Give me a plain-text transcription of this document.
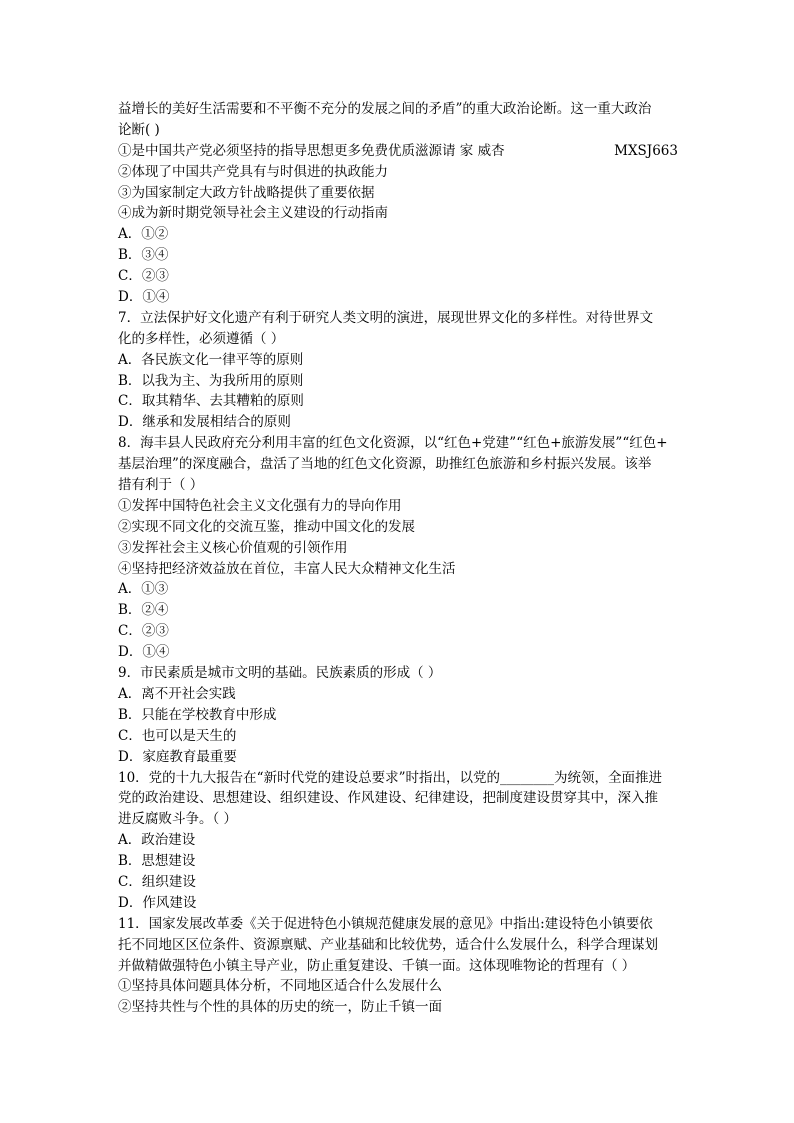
益增长的美好生活需要和不平衡不充分的发展之间的矛盾”的重大政治论断。这一重大政治
论断( )
①是中国共产党必须坚持的指导思想更多免费优质滋源请 家 威杏	MXSJ663
②体现了中国共产党具有与时俱进的执政能力
③为国家制定大政方针战略提供了重要依据
④成为新时期党领导社会主义建设的行动指南
A．①②
B．③④
C．②③
D．①④
7．立法保护好文化遗产有利于研究人类文明的演进，展现世界文化的多样性。对待世界文
化的多样性，必须遵循（ ）
A．各民族文化一律平等的原则
B．以我为主、为我所用的原则
C．取其精华、去其糟粕的原则
D．继承和发展相结合的原则
8．海丰县人民政府充分利用丰富的红色文化资源，以“红色+党建”“红色+旅游发展”“红色+
基层治理”的深度融合，盘活了当地的红色文化资源，助推红色旅游和乡村振兴发展。该举
措有利于（ ）
①发挥中国特色社会主义文化强有力的导向作用
②实现不同文化的交流互鉴，推动中国文化的发展
③发挥社会主义核心价值观的引领作用
④坚持把经济效益放在首位，丰富人民大众精神文化生活
A．①③
B．②④
C．②③
D．①④
9．市民素质是城市文明的基础。民族素质的形成（ ）
A．离不开社会实践
B．只能在学校教育中形成
C．也可以是天生的
D．家庭教育最重要
10．党的十九大报告在“新时代党的建设总要求”时指出，以党的________为统领，全面推进
党的政治建设、思想建设、组织建设、作风建设、纪律建设，把制度建设贯穿其中，深入推
进反腐败斗争。（ ）
A．政治建设
B．思想建设
C．组织建设
D．作风建设
11．国家发展改革委《关于促进特色小镇规范健康发展的意见》中指出:建设特色小镇要依
托不同地区区位条件、资源禀赋、产业基础和比较优势，适合什么发展什么，科学合理谋划
并做精做强特色小镇主导产业，防止重复建设、千镇一面。这体现唯物论的哲理有（ ）
①坚持具体问题具体分析，不同地区适合什么发展什么
②坚持共性与个性的具体的历史的统一，防止千镇一面
